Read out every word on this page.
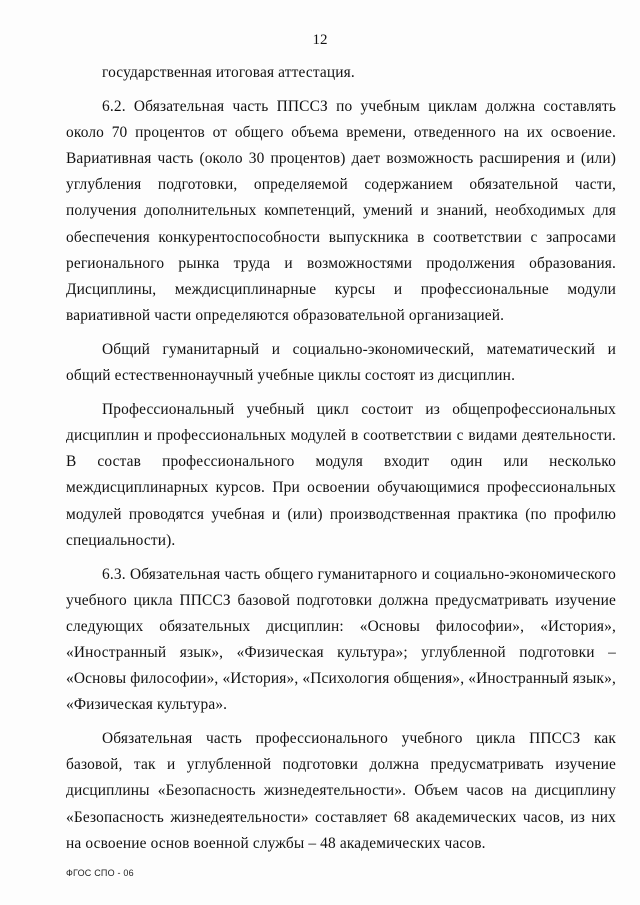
12

государственная итоговая аттестация.

6.2. Обязательная часть ППССЗ по учебным циклам должна составлять около 70 процентов от общего объема времени, отведенного на их освоение. Вариативная часть (около 30 процентов) дает возможность расширения и (или) углубления подготовки, определяемой содержанием обязательной части, получения дополнительных компетенций, умений и знаний, необходимых для обеспечения конкурентоспособности выпускника в соответствии с запросами регионального рынка труда и возможностями продолжения образования. Дисциплины, междисциплинарные курсы и профессиональные модули вариативной части определяются образовательной организацией.

Общий гуманитарный и социально-экономический, математический и общий естественнонаучный учебные циклы состоят из дисциплин.

Профессиональный учебный цикл состоит из общепрофессиональных дисциплин и профессиональных модулей в соответствии с видами деятельности. В состав профессионального модуля входит один или несколько междисциплинарных курсов. При освоении обучающимися профессиональных модулей проводятся учебная и (или) производственная практика (по профилю специальности).

6.3. Обязательная часть общего гуманитарного и социально-экономического учебного цикла ППССЗ базовой подготовки должна предусматривать изучение следующих обязательных дисциплин: «Основы философии», «История», «Иностранный язык», «Физическая культура»; углубленной подготовки – «Основы философии», «История», «Психология общения», «Иностранный язык», «Физическая культура».

Обязательная часть профессионального учебного цикла ППССЗ как базовой, так и углубленной подготовки должна предусматривать изучение дисциплины «Безопасность жизнедеятельности». Объем часов на дисциплину «Безопасность жизнедеятельности» составляет 68 академических часов, из них на освоение основ военной службы – 48 академических часов.

ФГОС СПО - 06
